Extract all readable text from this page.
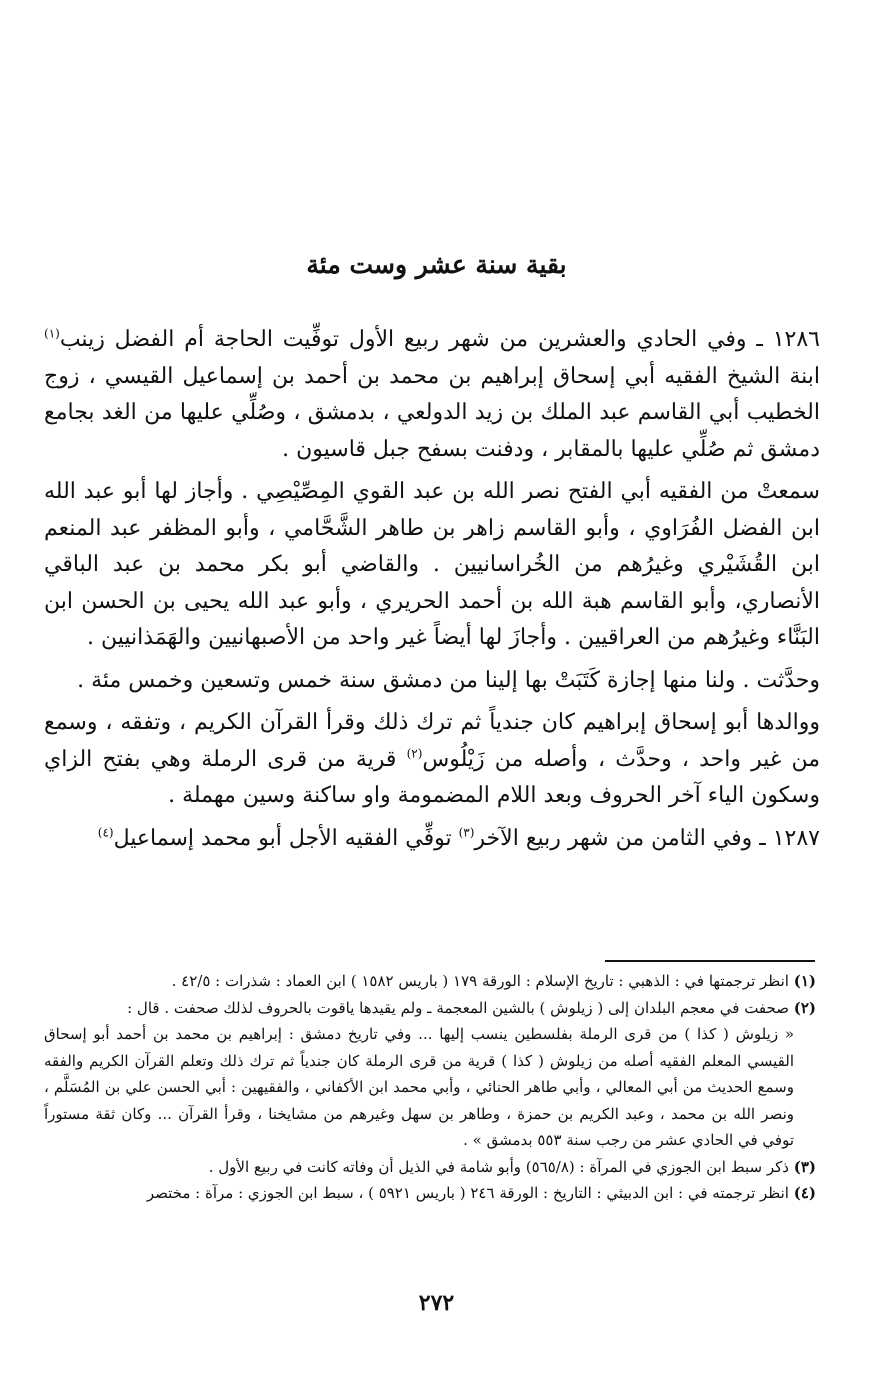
بقية سنة عشر وست مئة

١٢٨٦ ـ وفي الحادي والعشرين من شهر ربيع الأول توفِّيت الحاجة أم الفضل زينب$^{(١)}$ ابنة الشيخ الفقيه أبي إسحاق إبراهيم بن محمد بن أحمد بن إسماعيل القيسي ، زوج الخطيب أبي القاسم عبد الملك بن زيد الدولعي ، بدمشق ، وصُلِّي عليها من الغد بجامع دمشق ثم صُلِّي عليها بالمقابر ، ودفنت بسفح جبل قاسيون .

سمعتْ من الفقيه أبي الفتح نصر الله بن عبد القوي المِصِّيْصِي . وأجاز لها أبو عبد الله ابن الفضل الفُرَاوي ، وأبو القاسم زاهر بن طاهر الشَّحَّامي ، وأبو المظفر عبد المنعم ابن القُشَيْري وغيرُهم من الخُراسانيين . والقاضي أبو بكر محمد بن عبد الباقي الأنصاري، وأبو القاسم هبة الله بن أحمد الحريري ، وأبو عبد الله يحيى بن الحسن ابن البَنَّاء وغيرُهم من العراقيين . وأجازَ لها أيضاً غير واحد من الأصبهانيين والهَمَذانيين .

وحدَّثت . ولنا منها إجازة كَتَبَتْ بها إلينا من دمشق سنة خمس وتسعين وخمس مئة .

ووالدها أبو إسحاق إبراهيم كان جندياً ثم ترك ذلك وقرأ القرآن الكريم ، وتفقه ، وسمع من غير واحد ، وحدَّث ، وأصله من زَيْلُوس$^{(٢)}$ قرية من قرى الرملة وهي بفتح الزاي وسكون الياء آخر الحروف وبعد اللام المضمومة واو ساكنة وسين مهملة .

١٢٨٧ ـ وفي الثامن من شهر ربيع الآخر$^{(٣)}$ توفِّي الفقيه الأجل أبو محمد إسماعيل$^{(٤)}$

(١) انظر ترجمتها في : الذهبي : تاريخ الإسلام : الورقة ١٧٩ ( باريس ١٥٨٢ ) ابن العماد : شذرات : ٤٢/٥ .

(٢) صحفت في معجم البلدان إلى ( زيلوش ) بالشين المعجمة ـ ولم يقيدها ياقوت بالحروف لذلك صحفت . قال :

« زيلوش ( كذا ) من قرى الرملة بفلسطين ينسب إليها ... وفي تاريخ دمشق : إبراهيم بن محمد بن أحمد أبو إسحاق القيسي المعلم الفقيه أصله من زيلوش ( كذا ) قرية من قرى الرملة كان جندياً ثم ترك ذلك وتعلم القرآن الكريم والفقه وسمع الحديث من أبي المعالي ، وأبي طاهر الحنائي ، وأبي محمد ابن الأكفاني ، والفقيهين : أبي الحسن علي بن المُسَلَّم ، ونصر الله بن محمد ، وعبد الكريم بن حمزة ، وطاهر بن سهل وغيرهم من مشايخنا ، وقرأ القرآن ... وكان ثقة مستوراً توفي في الحادي عشر من رجب سنة ٥٥٣ بدمشق » .

(٣) ذكر سبط ابن الجوزي في المرآة : (٥٦٥/٨) وأبو شامة في الذيل أن وفاته كانت في ربيع الأول .

(٤) انظر ترجمته في : ابن الدبيثي : التاريخ : الورقة ٢٤٦ ( باريس ٥٩٢١ ) ، سبط ابن الجوزي : مرآة : مختصر

٢٧٢
